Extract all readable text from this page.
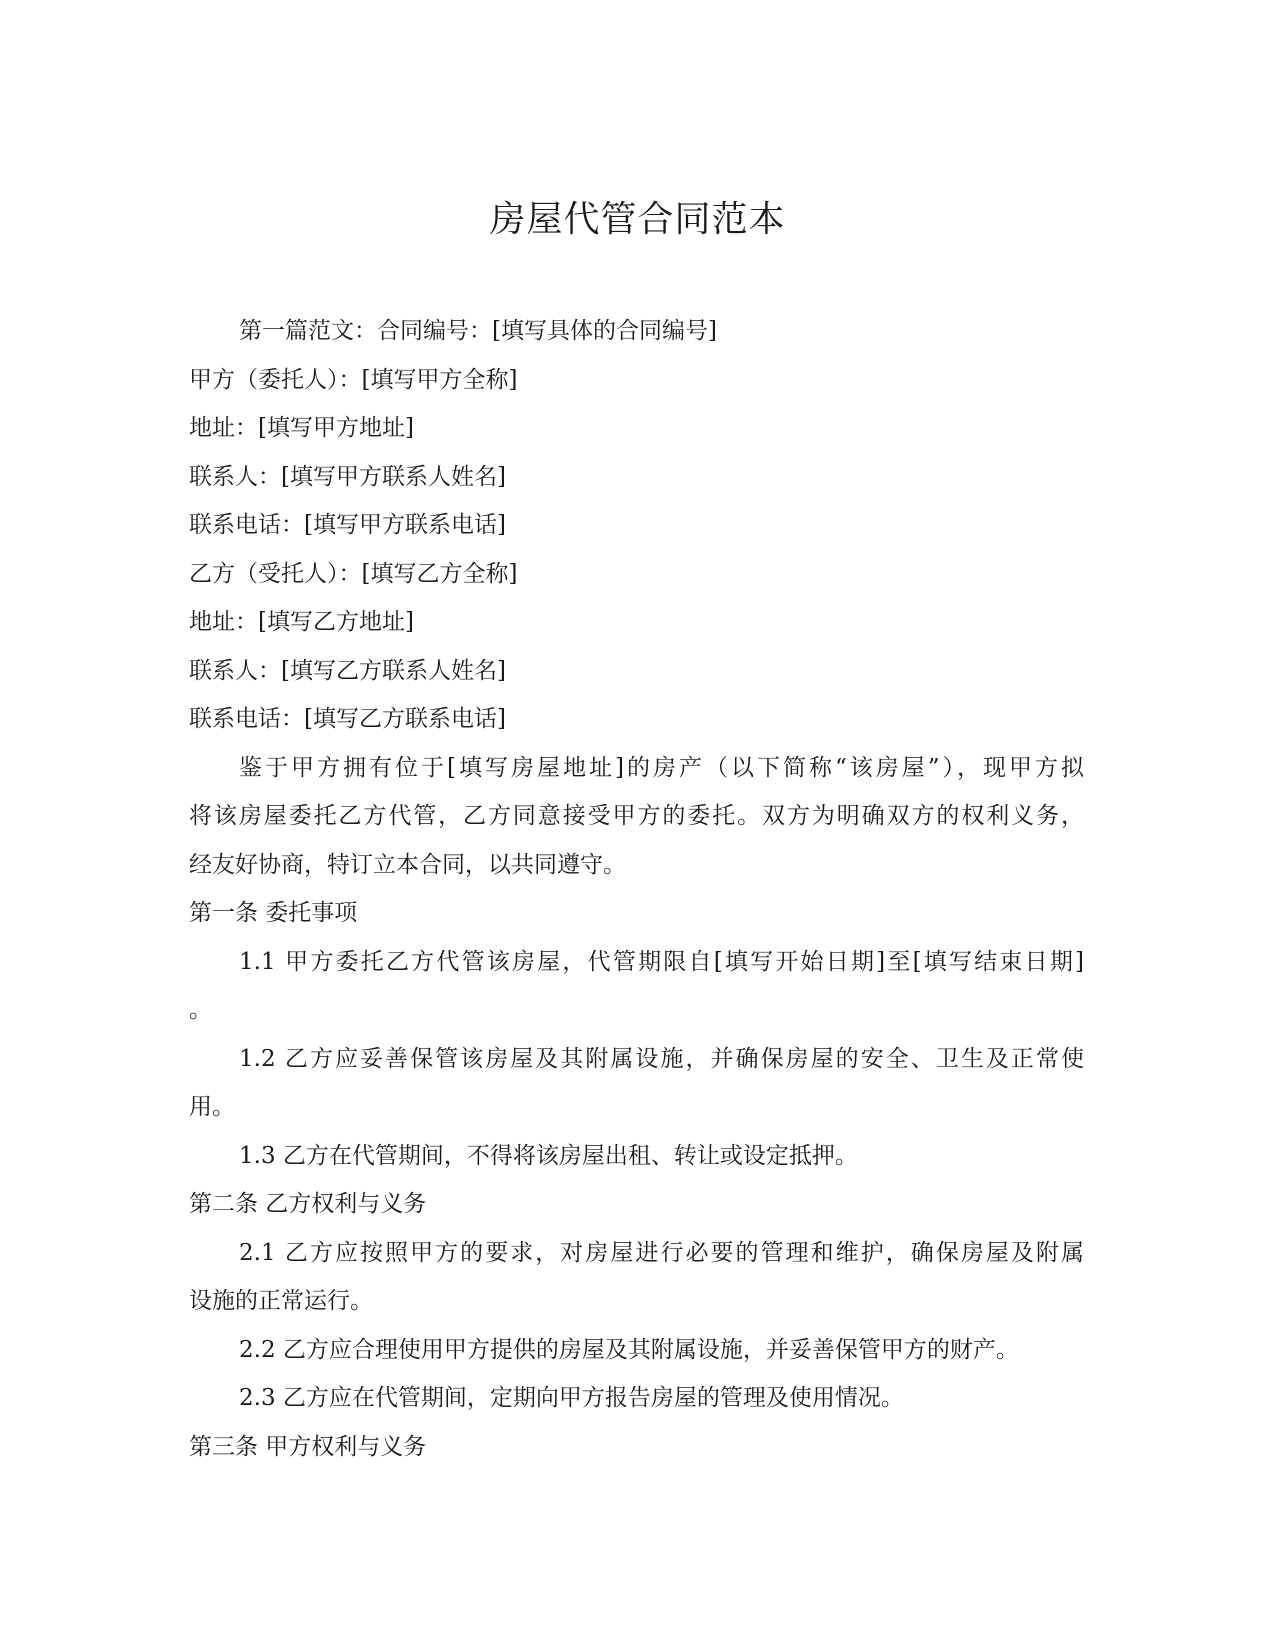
房屋代管合同范本
第一篇范文：合同编号：[填写具体的合同编号]
甲方（委托人）：[填写甲方全称]
地址：[填写甲方地址]
联系人：[填写甲方联系人姓名]
联系电话：[填写甲方联系电话]
乙方（受托人）：[填写乙方全称]
地址：[填写乙方地址]
联系人：[填写乙方联系人姓名]
联系电话：[填写乙方联系电话]
鉴于甲方拥有位于[填写房屋地址]的房产（以下简称“该房屋”），现甲方拟
将该房屋委托乙方代管，乙方同意接受甲方的委托。双方为明确双方的权利义务，
经友好协商，特订立本合同，以共同遵守。
第一条 委托事项
1.1 甲方委托乙方代管该房屋，代管期限自[填写开始日期]至[填写结束日期]
。
1.2 乙方应妥善保管该房屋及其附属设施，并确保房屋的安全、卫生及正常使
用。
1.3 乙方在代管期间，不得将该房屋出租、转让或设定抵押。
第二条 乙方权利与义务
2.1 乙方应按照甲方的要求，对房屋进行必要的管理和维护，确保房屋及附属
设施的正常运行。
2.2 乙方应合理使用甲方提供的房屋及其附属设施，并妥善保管甲方的财产。
2.3 乙方应在代管期间，定期向甲方报告房屋的管理及使用情况。
第三条 甲方权利与义务
